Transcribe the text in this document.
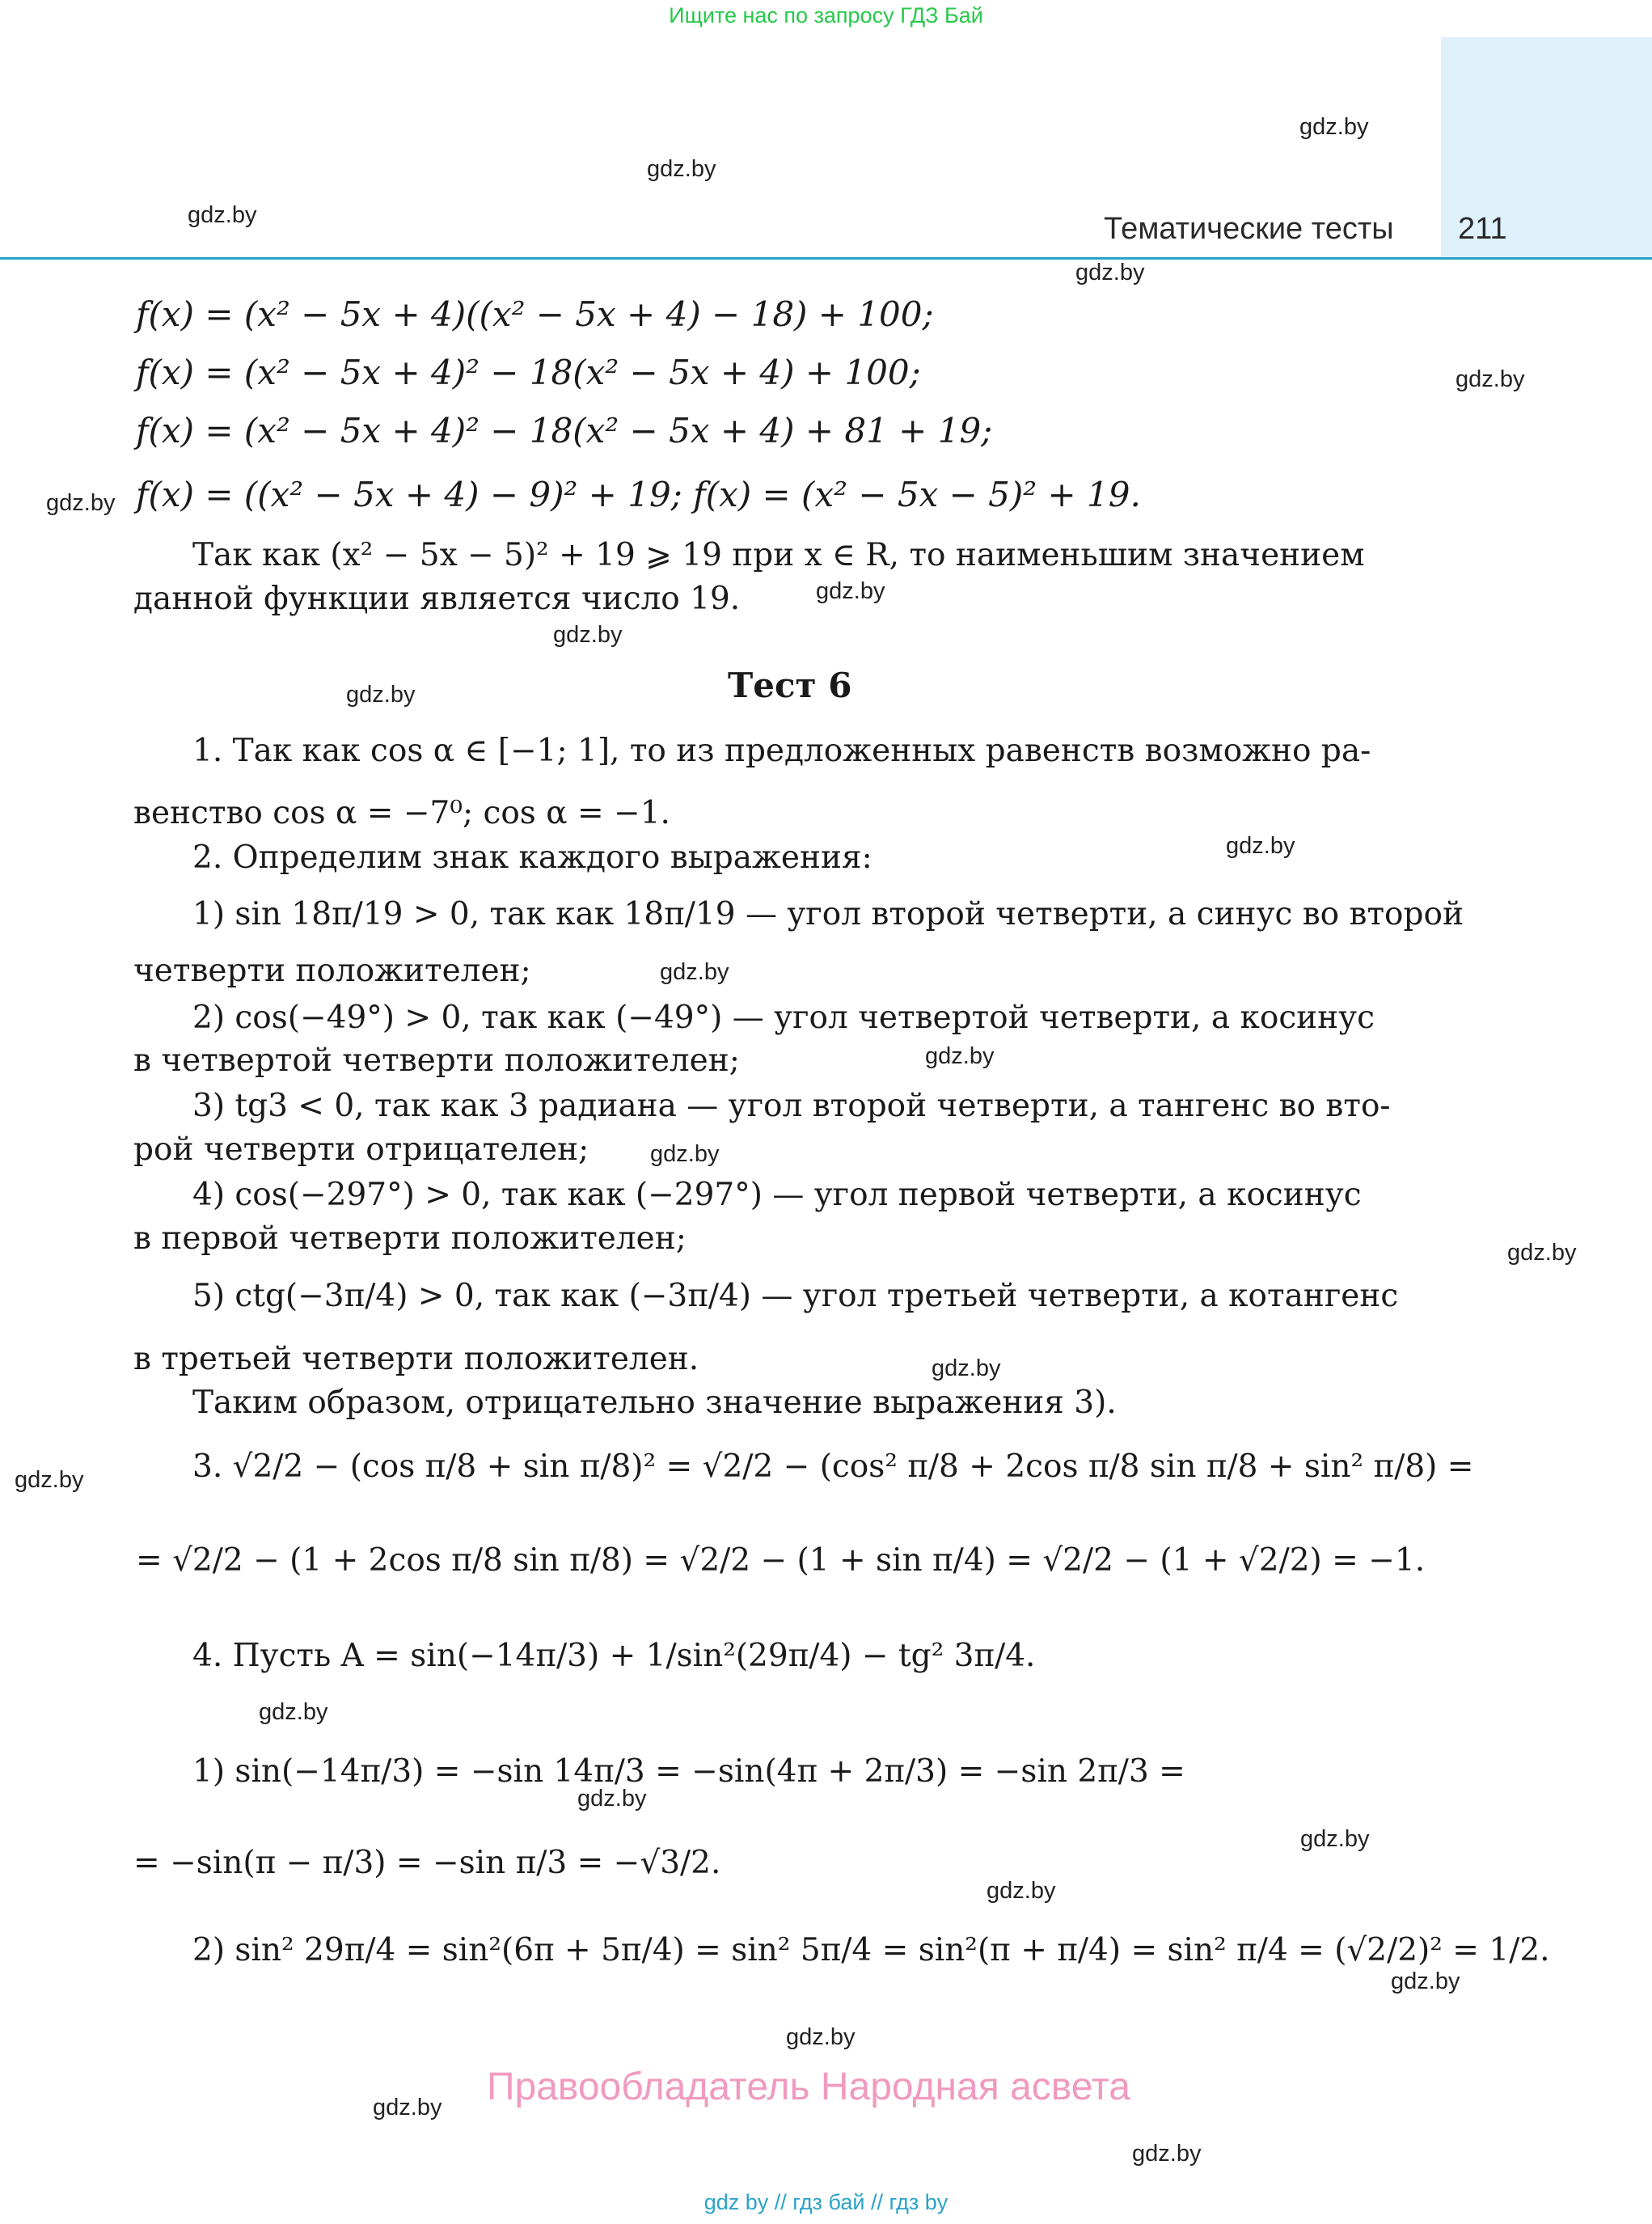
Ищите нас по запросу ГДЗ Бай
Тематические тесты 211
gdz.by
gdz.by
gdz.by
gdz.by
gdz.by
gdz.by
gdz.by
gdz.by
gdz.by
gdz.by
gdz.by
gdz.by
gdz.by
gdz.by
gdz.by
gdz.by
gdz.by
gdz.by
gdz.by
gdz.by
gdz.by
gdz.by
gdz.by
gdz.by
f(x) = (x² − 5x + 4)((x² − 5x + 4) − 18) + 100;
f(x) = (x² − 5x + 4)² − 18(x² − 5x + 4) + 100;
f(x) = (x² − 5x + 4)² − 18(x² − 5x + 4) + 81 + 19;
f(x) = ((x² − 5x + 4) − 9)² + 19; f(x) = (x² − 5x − 5)² + 19.
Так как (x² − 5x − 5)² + 19 ⩾ 19 при x ∈ R, то наименьшим значением
данной функции является число 19.
Тест 6
1. Так как cos α ∈ [−1; 1], то из предложенных равенств возможно ра-
венство cos α = −7⁰; cos α = −1.
2. Определим знак каждого выражения:
1) sin 18π/19 > 0, так как 18π/19 — угол второй четверти, а синус во второй
четверти положителен;
2) cos(−49°) > 0, так как (−49°) — угол четвертой четверти, а косинус
в четвертой четверти положителен;
3) tg3 < 0, так как 3 радиана — угол второй четверти, а тангенс во вто-
рой четверти отрицателен;
4) cos(−297°) > 0, так как (−297°) — угол первой четверти, а косинус
в первой четверти положителен;
5) ctg(−3π/4) > 0, так как (−3π/4) — угол третьей четверти, а котангенс
в третьей четверти положителен.
Таким образом, отрицательно значение выражения 3).
3. √2/2 − (cos π/8 + sin π/8)² = √2/2 − (cos² π/8 + 2cos π/8 sin π/8 + sin² π/8) =
= √2/2 − (1 + 2cos π/8 sin π/8) = √2/2 − (1 + sin π/4) = √2/2 − (1 + √2/2) = −1.
4. Пусть A = sin(−14π/3) + 1/sin²(29π/4) − tg² 3π/4.
1) sin(−14π/3) = −sin 14π/3 = −sin(4π + 2π/3) = −sin 2π/3 =
= −sin(π − π/3) = −sin π/3 = −√3/2.
2) sin² 29π/4 = sin²(6π + 5π/4) = sin² 5π/4 = sin²(π + π/4) = sin² π/4 = (√2/2)² = 1/2.
Правообладатель Народная асвета
gdz by // гдз бай // гдз by
